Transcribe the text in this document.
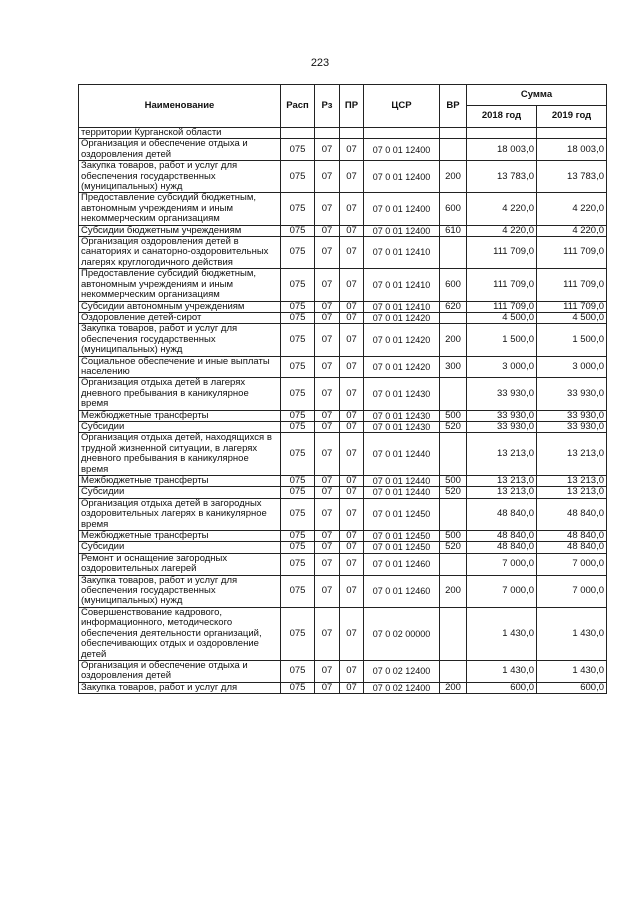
223
Наименование	Расп	Рз	ПР	ЦСР	ВР	Сумма	
						2018 год	2019 год
территории Курганской области							
Организация и обеспечение отдыха и оздоровления детей	075	07	07	07 0 01 12400		18 003,0	18 003,0
Закупка товаров, работ и услуг для обеспечения государственных (муниципальных) нужд	075	07	07	07 0 01 12400	200	13 783,0	13 783,0
Предоставление субсидий бюджетным, автономным учреждениям и иным некоммерческим организациям	075	07	07	07 0 01 12400	600	4 220,0	4 220,0
Субсидии бюджетным учреждениям	075	07	07	07 0 01 12400	610	4 220,0	4 220,0
Организация оздоровления детей в санаториях и санаторно-оздоровительных лагерях круглогодичного действия	075	07	07	07 0 01 12410		111 709,0	111 709,0
Предоставление субсидий бюджетным, автономным учреждениям и иным некоммерческим организациям	075	07	07	07 0 01 12410	600	111 709,0	111 709,0
Субсидии автономным учреждениям	075	07	07	07 0 01 12410	620	111 709,0	111 709,0
Оздоровление детей-сирот	075	07	07	07 0 01 12420		4 500,0	4 500,0
Закупка товаров, работ и услуг для обеспечения государственных (муниципальных) нужд	075	07	07	07 0 01 12420	200	1 500,0	1 500,0
Социальное обеспечение и иные выплаты населению	075	07	07	07 0 01 12420	300	3 000,0	3 000,0
Организация отдыха детей в лагерях дневного пребывания в каникулярное время	075	07	07	07 0 01 12430		33 930,0	33 930,0
Межбюджетные трансферты	075	07	07	07 0 01 12430	500	33 930,0	33 930,0
Субсидии	075	07	07	07 0 01 12430	520	33 930,0	33 930,0
Организация отдыха детей, находящихся в трудной жизненной ситуации, в лагерях дневного пребывания в каникулярное время	075	07	07	07 0 01 12440		13 213,0	13 213,0
Межбюджетные трансферты	075	07	07	07 0 01 12440	500	13 213,0	13 213,0
Субсидии	075	07	07	07 0 01 12440	520	13 213,0	13 213,0
Организация отдыха детей в загородных оздоровительных лагерях в каникулярное время	075	07	07	07 0 01 12450		48 840,0	48 840,0
Межбюджетные трансферты	075	07	07	07 0 01 12450	500	48 840,0	48 840,0
Субсидии	075	07	07	07 0 01 12450	520	48 840,0	48 840,0
Ремонт и оснащение загородных оздоровительных лагерей	075	07	07	07 0 01 12460		7 000,0	7 000,0
Закупка товаров, работ и услуг для обеспечения государственных (муниципальных) нужд	075	07	07	07 0 01 12460	200	7 000,0	7 000,0
Совершенствование кадрового, информационного, методического обеспечения деятельности организаций, обеспечивающих отдых и оздоровление детей	075	07	07	07 0 02 00000		1 430,0	1 430,0
Организация и обеспечение отдыха и оздоровления детей	075	07	07	07 0 02 12400		1 430,0	1 430,0
Закупка товаров, работ и услуг для	075	07	07	07 0 02 12400	200	600,0	600,0
